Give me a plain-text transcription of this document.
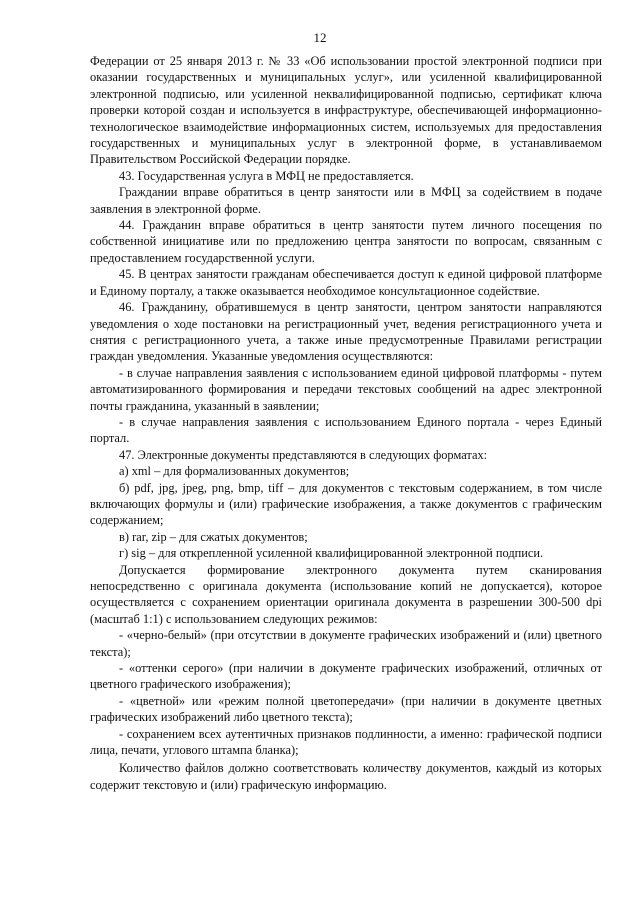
12

Федерации от 25 января 2013 г. № 33 «Об использовании простой электронной подписи при оказании государственных и муниципальных услуг», или усиленной квалифицированной электронной подписью, или усиленной неквалифицированной подписью, сертификат ключа проверки которой создан и используется в инфраструктуре, обеспечивающей информационно-технологическое взаимодействие информационных систем, используемых для предоставления государственных и муниципальных услуг в электронной форме, в устанавливаемом Правительством Российской Федерации порядке.

43. Государственная услуга в МФЦ не предоставляется.

Граждании вправе обратиться в центр занятости или в МФЦ за содействием в подаче заявления в электронной форме.

44. Гражданин вправе обратиться в центр занятости путем личного посещения по собственной инициативе или по предложению центра занятости по вопросам, связанным с предоставлением государственной услуги.

45. В центрах занятости гражданам обеспечивается доступ к единой цифровой платформе и Единому порталу, а также оказывается необходимое консультационное содействие.

46. Гражданину, обратившемуся в центр занятости, центром занятости направляются уведомления о ходе постановки на регистрационный учет, ведения регистрационного учета и снятия с регистрационного учета, а также иные предусмотренные Правилами регистрации граждан уведомления. Указанные уведомления осуществляются:

- в случае направления заявления с использованием единой цифровой платформы - путем автоматизированного формирования и передачи текстовых сообщений на адрес электронной почты гражданина, указанный в заявлении;

- в случае направления заявления с использованием Единого портала - через Единый портал.

47. Электронные документы представляются в следующих форматах:

а) xml – для формализованных документов;

б) pdf, jpg, jpeg, png, bmp, tiff – для документов с текстовым содержанием, в том числе включающих формулы и (или) графические изображения, а также документов с графическим содержанием;

в) rar, zip – для сжатых документов;

г) sig – для открепленной усиленной квалифицированной электронной подписи.

Допускается формирование электронного документа путем сканирования непосредственно с оригинала документа (использование копий не допускается), которое осуществляется с сохранением ориентации оригинала документа в разрешении 300-500 dpi (масштаб 1:1) с использованием следующих режимов:

- «черно-белый» (при отсутствии в документе графических изображений и (или) цветного текста);

- «оттенки серого» (при наличии в документе графических изображений, отличных от цветного графического изображения);

- «цветной» или «режим полной цветопередачи» (при наличии в документе цветных графических изображений либо цветного текста);

- сохранением всех аутентичных признаков подлинности, а именно: графической подписи лица, печати, углового штампа бланка);

Количество файлов должно соответствовать количеству документов, каждый из которых содержит текстовую и (или) графическую информацию.
